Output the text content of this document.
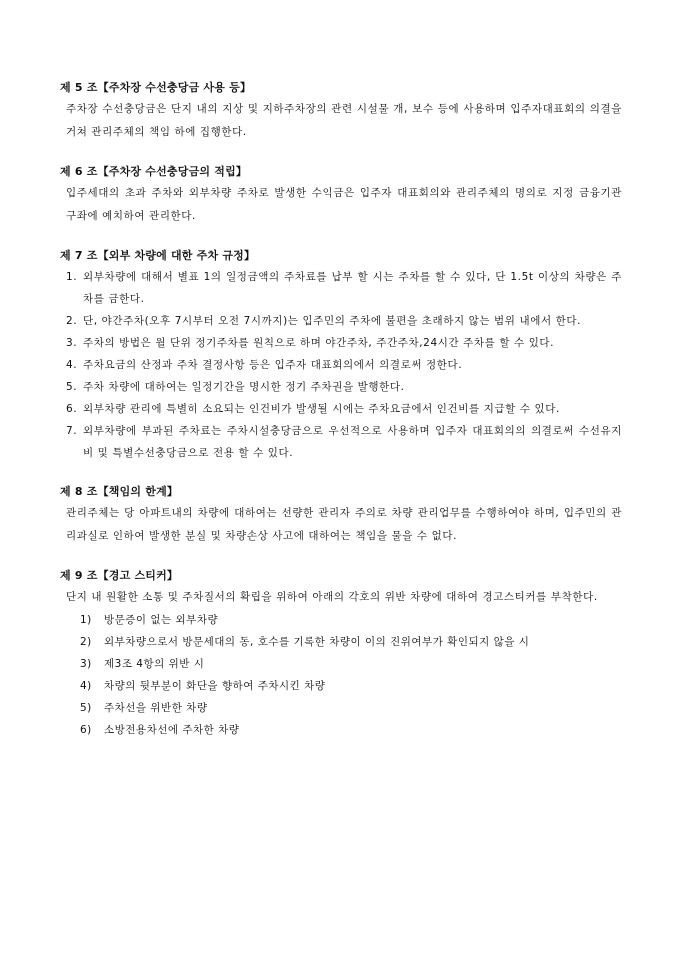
제 5 조【주차장 수선충당금 사용 등】
주차장 수선충당금은 단지 내의 지상 및 지하주차장의 관련 시설물 개, 보수 등에 사용하며 입주자대표회의 의결을 거쳐 관리주체의 책임 하에 집행한다.
제 6 조【주차장 수선충당금의 적립】
입주세대의 초과 주차와 외부차량 주차로 발생한 수익금은 입주자 대표회의와 관리주체의 명의로 지정 금융기관 구좌에 예치하여 관리한다.
제 7 조【외부 차량에 대한 주차 규정】
1. 외부차량에 대해서 별표 1의 일정금액의 주차료를 납부 할 시는 주차를 할 수 있다, 단 1.5t 이상의 차량은 주차를 금한다.
2. 단, 야간주차(오후 7시부터 오전 7시까지)는 입주민의 주차에 불편을 초래하지 않는 범위 내에서 한다.
3. 주차의 방법은 월 단위 정기주차를 원칙으로 하며 야간주차, 주간주차,24시간 주차를 할 수 있다.
4. 주차요금의 산정과 주차 결정사항 등은 입주자 대표회의에서 의결로써 정한다.
5. 주차 차량에 대하여는 일정기간을 명시한 정기 주차권을 발행한다.
6. 외부차량 관리에 특별히 소요되는 인건비가 발생될 시에는 주차요금에서 인건비를 지급할 수 있다.
7. 외부차량에 부과된 주차료는 주차시설충당금으로 우선적으로 사용하며 입주자 대표회의의 의결로써 수선유지비 및 특별수선충당금으로 전용 할 수 있다.
제 8 조【책임의 한계】
관리주체는 당 아파트내의 차량에 대하여는 선량한 관리자 주의로 차량 관리업무를 수행하여야 하며, 입주민의 관리과실로 인하여 발생한 분실 및 차량손상 사고에 대하여는 책임을 물을 수 없다.
제 9 조【경고 스티커】
단지 내 원활한 소통 및 주차질서의 확립을 위하여 아래의 각호의 위반 차량에 대하여 경고스티커를 부착한다.
1)	방문증이 없는 외부차량
2)	외부차량으로서 방문세대의 동, 호수를 기록한 차량이 이의 진위여부가 확인되지 않을 시
3)	제3조 4항의 위반 시
4)	차량의 뒷부분이 화단을 향하여 주차시킨 차량
5)	주차선을 위반한 차량
6)	소방전용차선에 주차한 차량
